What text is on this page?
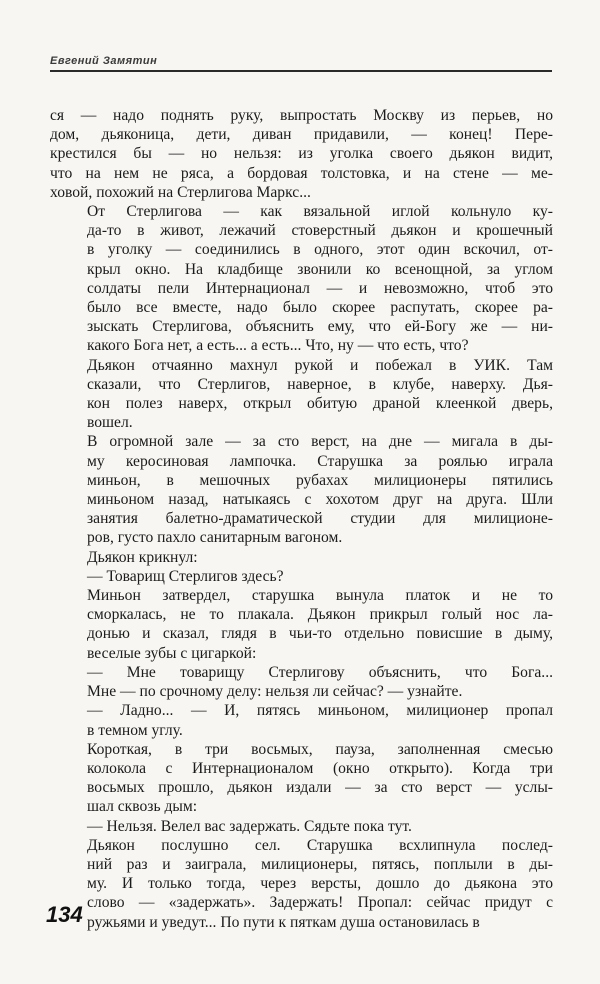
Евгений Замятин

ся — надо поднять руку, выпростать Москву из перьев, но
дом, дьяконица, дети, диван придавили, — конец! Пере-
крестился бы — но нельзя: из уголка своего дьякон видит,
что на нем не ряса, а бордовая толстовка, и на стене — ме-
ховой, похожий на Стерлигова Маркс...

От Стерлигова — как вязальной иглой кольнуло ку-
да-то в живот, лежачий стоверстный дьякон и крошечный
в уголку — соединились в одного, этот один вскочил, от-
крыл окно. На кладбище звонили ко всенощной, за углом
солдаты пели Интернационал — и невозможно, чтоб это
было все вместе, надо было скорее распутать, скорее ра-
зыскать Стерлигова, объяснить ему, что ей-Богу же — ни-
какого Бога нет, а есть... а есть... Что, ну — что есть, что?

Дьякон отчаянно махнул рукой и побежал в УИК. Там
сказали, что Стерлигов, наверное, в клубе, наверху. Дья-
кон полез наверх, открыл обитую драной клеенкой дверь,
вошел.

В огромной зале — за сто верст, на дне — мигала в ды-
му керосиновая лампочка. Старушка за роялью играла
миньон, в мешочных рубахах милиционеры пятились
миньоном назад, натыкаясь с хохотом друг на друга. Шли
занятия балетно-драматической студии для милиционе-
ров, густо пахло санитарным вагоном.

Дьякон крикнул:

— Товарищ Стерлигов здесь?

Миньон затвердел, старушка вынула платок и не то
сморкалась, не то плакала. Дьякон прикрыл голый нос ла-
донью и сказал, глядя в чьи-то отдельно повисшие в дыму,
веселые зубы с цигаркой:

— Мне товарищу Стерлигову объяснить, что Бога...
Мне — по срочному делу: нельзя ли сейчас? — узнайте.

— Ладно... — И, пятясь миньоном, милиционер пропал
в темном углу.

Короткая, в три восьмых, пауза, заполненная смесью
колокола с Интернационалом (окно открыто). Когда три
восьмых прошло, дьякон издали — за сто верст — услы-
шал сквозь дым:

— Нельзя. Велел вас задержать. Сядьте пока тут.

Дьякон послушно сел. Старушка всхлипнула послед-
ний раз и заиграла, милиционеры, пятясь, поплыли в ды-
му. И только тогда, через версты, дошло до дьякона это
слово — «задержать». Задержать! Пропал: сейчас придут с
ружьями и уведут... По пути к пяткам душа остановилась в

134
